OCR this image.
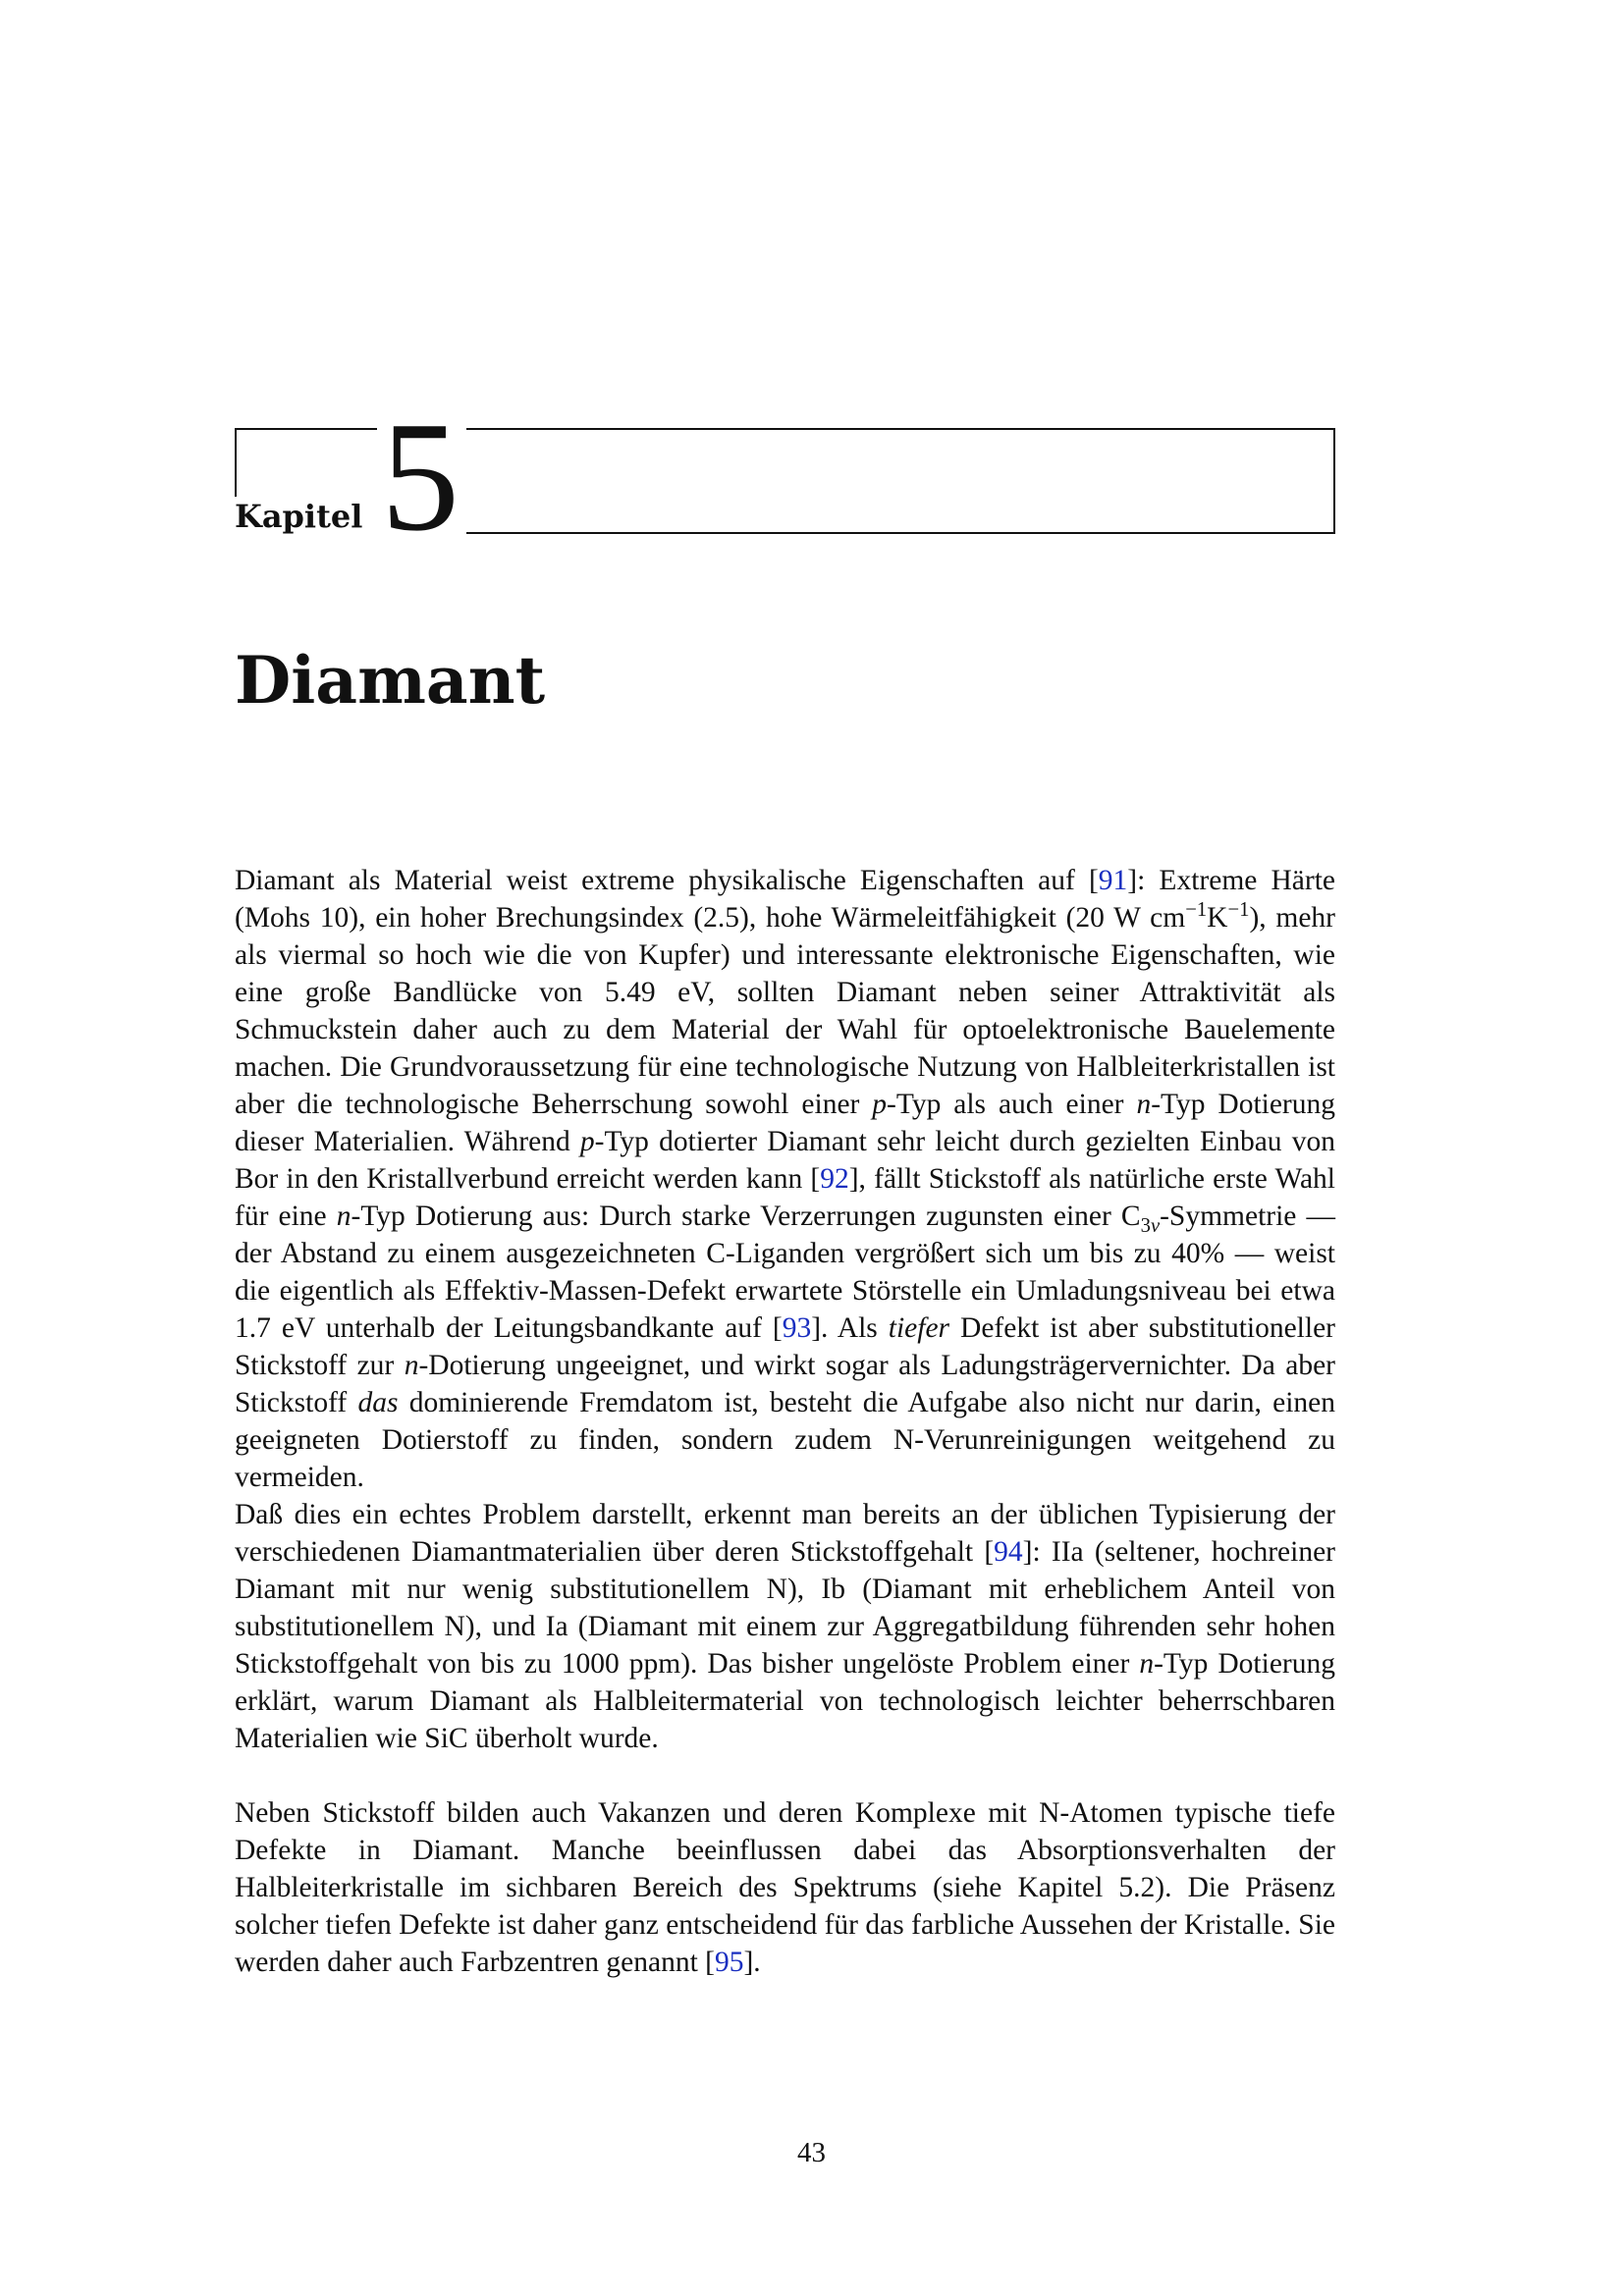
Kapitel 5
Diamant

Diamant als Material weist extreme physikalische Eigenschaften auf [91]: Extreme Härte (Mohs 10), ein hoher Brechungsindex (2.5), hohe Wärmeleitfähigkeit (20 W $cm^{-1}K^{-1}$), mehr als viermal so hoch wie die von Kupfer) und interessante elektronische Eigenschaften, wie eine große Bandlücke von 5.49 eV, sollten Diamant neben seiner Attraktivität als Schmuckstein daher auch zu dem Material der Wahl für optoelektronische Bauelemente machen. Die Grundvoraussetzung für eine technologische Nutzung von Halbleiterkristallen ist aber die technologische Beherrschung sowohl einer p-Typ als auch einer n-Typ Dotierung dieser Materialien. Während p-Typ dotierter Diamant sehr leicht durch gezielten Einbau von Bor in den Kristallverbund erreicht werden kann [92], fällt Stickstoff als natürliche erste Wahl für eine n-Typ Dotierung aus: Durch starke Verzerrungen zugunsten einer $C_{3v}$-Symmetrie — der Abstand zu einem ausgezeichneten C-Liganden vergrößert sich um bis zu 40% — weist die eigentlich als Effektiv-Massen-Defekt erwartete Störstelle ein Umladungsniveau bei etwa 1.7 eV unterhalb der Leitungsbandkante auf [93]. Als tiefer Defekt ist aber substitutioneller Stickstoff zur n-Dotierung ungeeignet, und wirkt sogar als Ladungsträgervernichter. Da aber Stickstoff das dominierende Fremdatom ist, besteht die Aufgabe also nicht nur darin, einen geeigneten Dotierstoff zu finden, sondern zudem N-Verunreinigungen weitgehend zu vermeiden.

Daß dies ein echtes Problem darstellt, erkennt man bereits an der üblichen Typisierung der verschiedenen Diamantmaterialien über deren Stickstoffgehalt [94]: IIa (seltener, hochreiner Diamant mit nur wenig substitutionellem N), Ib (Diamant mit erheblichem Anteil von substitutionellem N), und Ia (Diamant mit einem zur Aggregatbildung führenden sehr hohen Stickstoffgehalt von bis zu 1000 ppm). Das bisher ungelöste Problem einer n-Typ Dotierung erklärt, warum Diamant als Halbleitermaterial von technologisch leichter beherrschbaren Materialien wie SiC überholt wurde.

Neben Stickstoff bilden auch Vakanzen und deren Komplexe mit N-Atomen typische tiefe Defekte in Diamant. Manche beeinflussen dabei das Absorptionsverhalten der Halbleiterkristalle im sichbaren Bereich des Spektrums (siehe Kapitel 5.2). Die Präsenz solcher tiefen Defekte ist daher ganz entscheidend für das farbliche Aussehen der Kristalle. Sie werden daher auch Farbzentren genannt [95].

43
